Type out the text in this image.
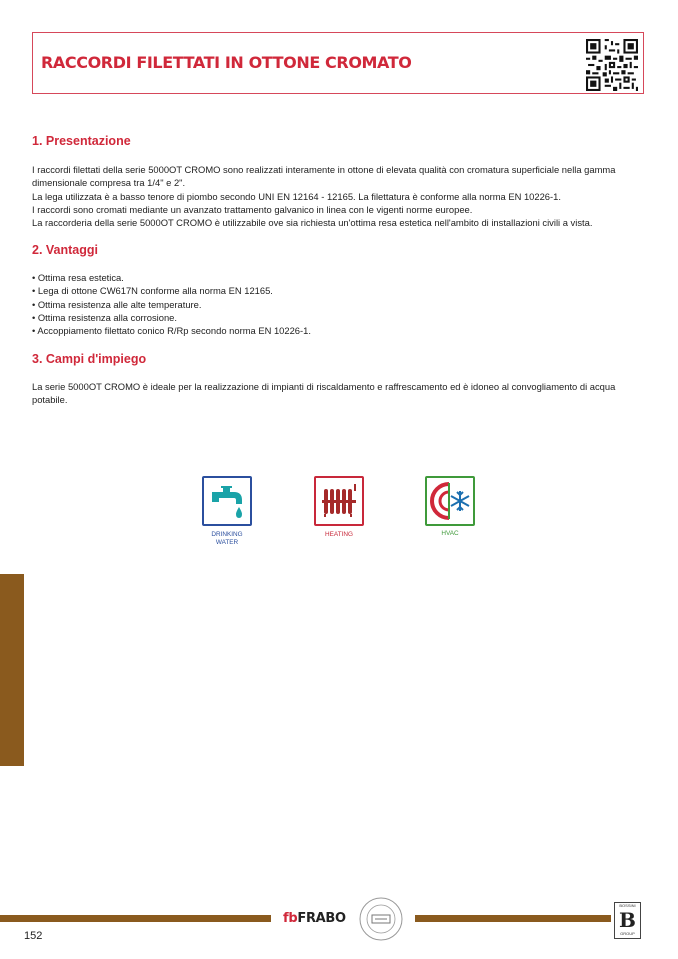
RACCORDI FILETTATI IN OTTONE CROMATO
1. Presentazione

I raccordi filettati della serie 5000OT CROMO sono realizzati interamente in ottone di elevata qualità con cromatura superficiale nella gamma dimensionale compresa tra 1/4" e 2".

La lega utilizzata è a basso tenore di piombo secondo UNI EN 12164 - 12165. La filettatura è conforme alla norma EN 10226-1.

I raccordi sono cromati mediante un avanzato trattamento galvanico in linea con le vigenti norme europee.

La raccorderia della serie 5000OT CROMO è utilizzabile ove sia richiesta un'ottima resa estetica nell'ambito di installazioni civili a vista.

2. Vantaggi

• Ottima resa estetica.

• Lega di ottone CW617N conforme alla norma EN 12165.

• Ottima resistenza alle alte temperature.

• Ottima resistenza alla corrosione.

• Accoppiamento filettato conico R/Rp secondo norma EN 10226-1.

3. Campi d'impiego

La serie 5000OT CROMO è ideale per la realizzazione di impianti di riscaldamento e raffrescamento ed è idoneo al convogliamento di acqua potabile.

DRINKING
WATER
HEATING	HVAC
fbFRABO
BOSSINI
B
GROUP
152
